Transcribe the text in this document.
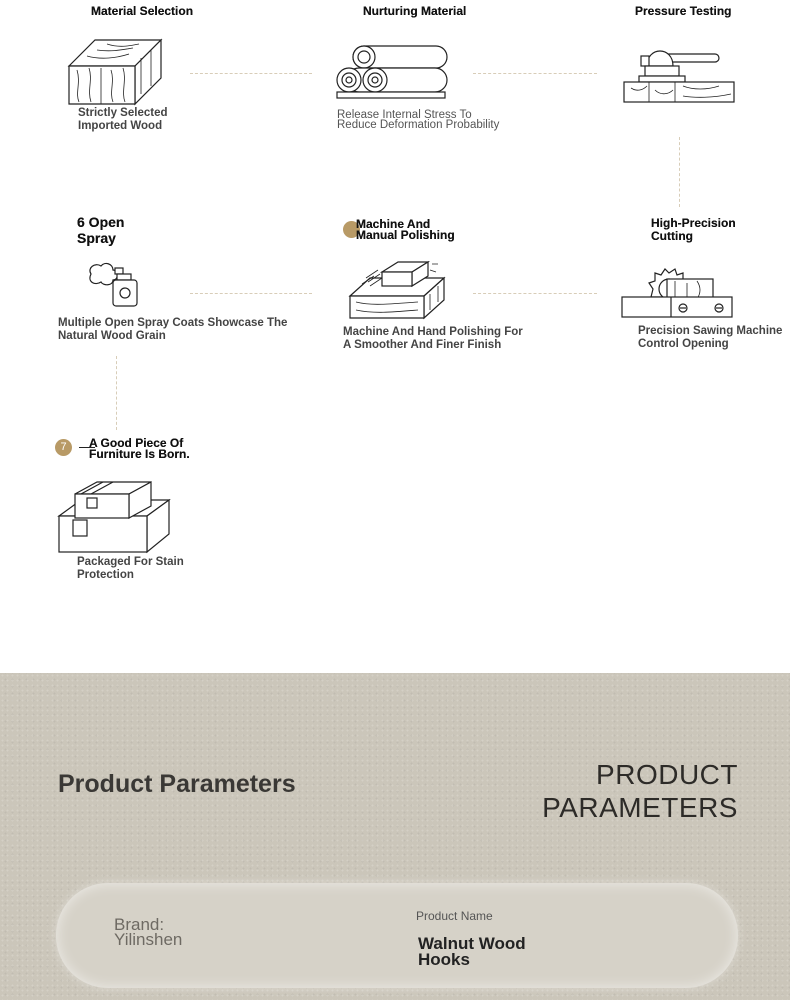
Material Selection
Strictly Selected
Imported Wood
Nurturing Material
Release Internal Stress To
Reduce Deformation Probability
Pressure Testing
High-Precision
Cutting
Precision Sawing Machine
Control Opening
Machine And
Manual Polishing
Machine And Hand Polishing For
A Smoother And Finer Finish
6 Open
Spray
Multiple Open Spray Coats Showcase The
Natural Wood Grain
7	A Good Piece Of
Furniture Is Born.
Packaged For Stain
Protection
Product Parameters	PRODUCT
PARAMETERS
Brand:
Yilinshen
Product Name
Walnut Wood
Hooks
